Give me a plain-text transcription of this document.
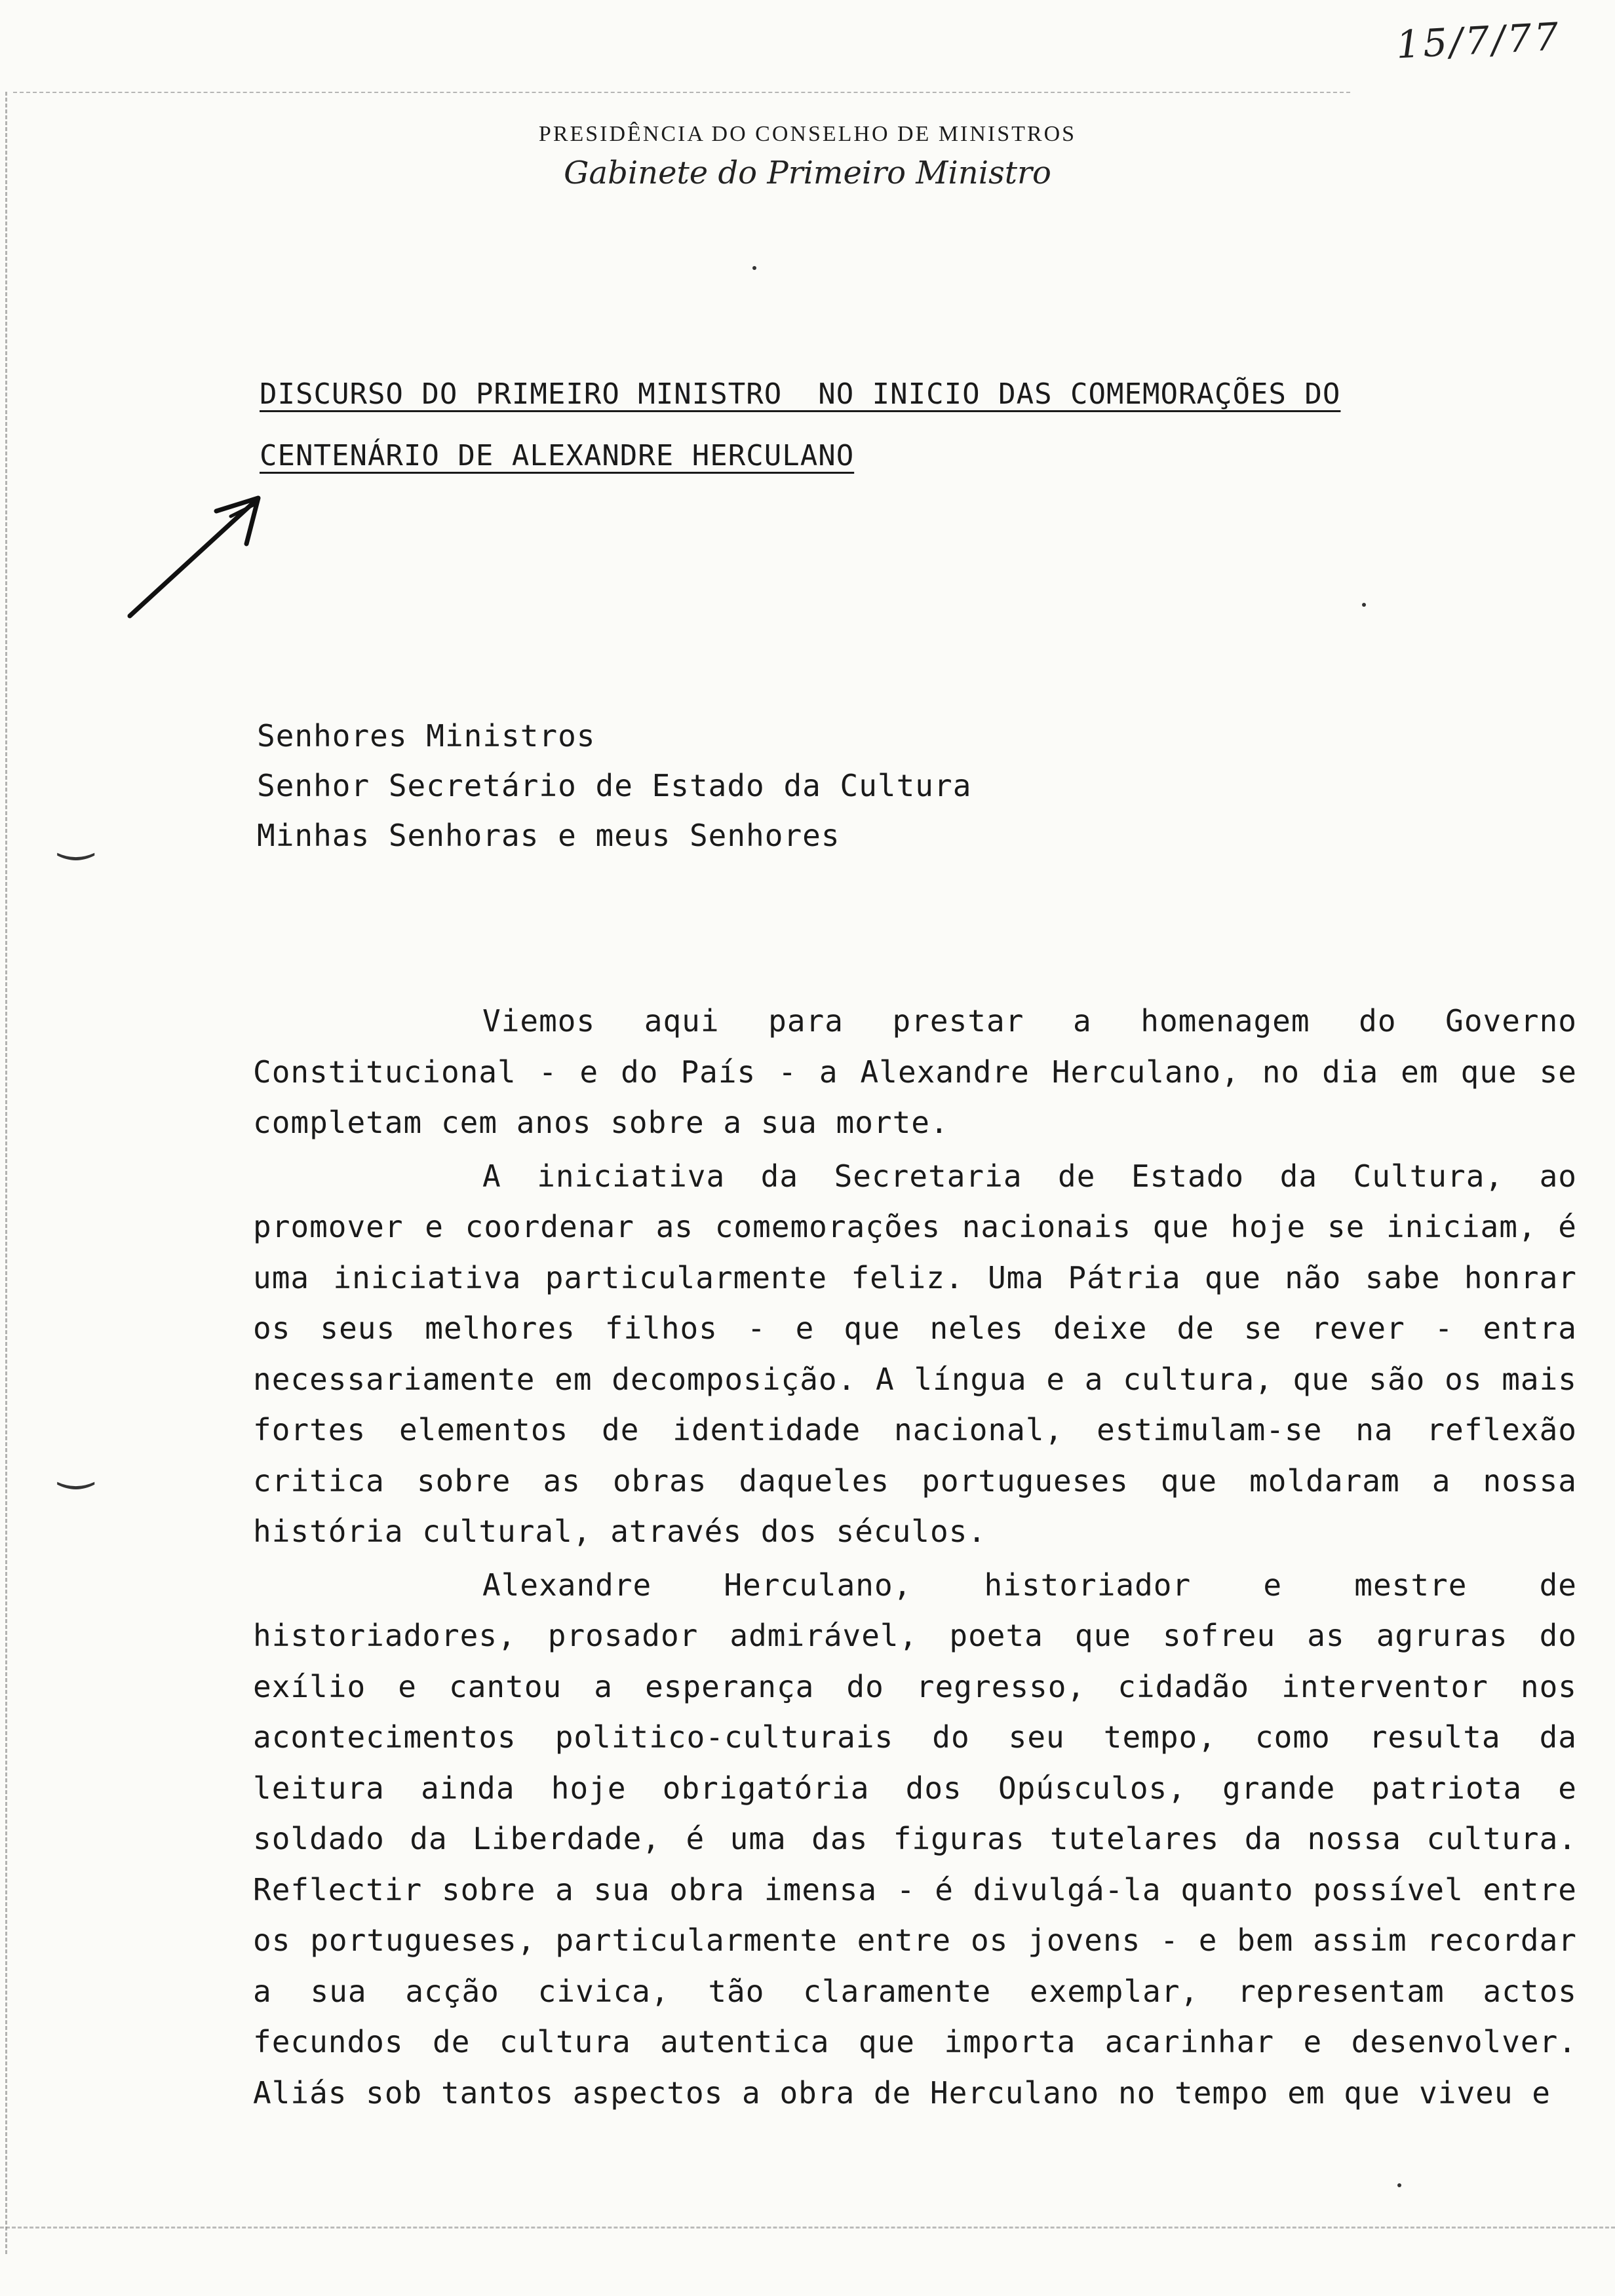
‿
‿
15/7/77
PRESIDÊNCIA DO CONSELHO DE MINISTROS
Gabinete do Primeiro Ministro
DISCURSO DO PRIMEIRO MINISTRO  NO INICIO DAS COMEMORAÇÕES DO
CENTENÁRIO DE ALEXANDRE HERCULANO
Senhores Ministros
Senhor Secretário de Estado da Cultura
Minhas Senhoras e meus Senhores

Viemos aqui para prestar a homenagem do Governo Constitucional - e do País - a Alexandre Herculano, no dia em que se completam cem anos sobre a sua morte.

A iniciativa da Secretaria de Estado da Cultura, ao promover e coordenar as comemorações nacionais que hoje se iniciam, é uma iniciativa particularmente feliz. Uma Pátria que não sabe honrar os seus melhores filhos - e que neles deixe de se rever - entra necessariamente em decomposição. A língua e a cultura, que são os mais fortes elementos de identidade nacional, estimulam-se na reflexão critica sobre as obras daqueles portugueses que moldaram a nossa história cultural, através dos séculos.

Alexandre Herculano, historiador e mestre de historiadores, prosador admirável, poeta que sofreu as agruras do exílio e cantou a esperança do regresso, cidadão interventor nos acontecimentos politico-culturais do seu tempo, como resulta da leitura ainda hoje obrigatória dos Opúsculos, grande patriota e soldado da Liberdade, é uma das figuras tutelares da nossa cultura. Reflectir sobre a sua obra imensa - é divulgá-la quanto possível entre os portugueses, particularmente entre os jovens - e bem assim recordar a sua acção civica, tão claramente exemplar, representam actos fecundos de cultura autentica que importa acarinhar e desenvolver. Aliás sob tantos aspectos a obra de Herculano no tempo em que viveu e
